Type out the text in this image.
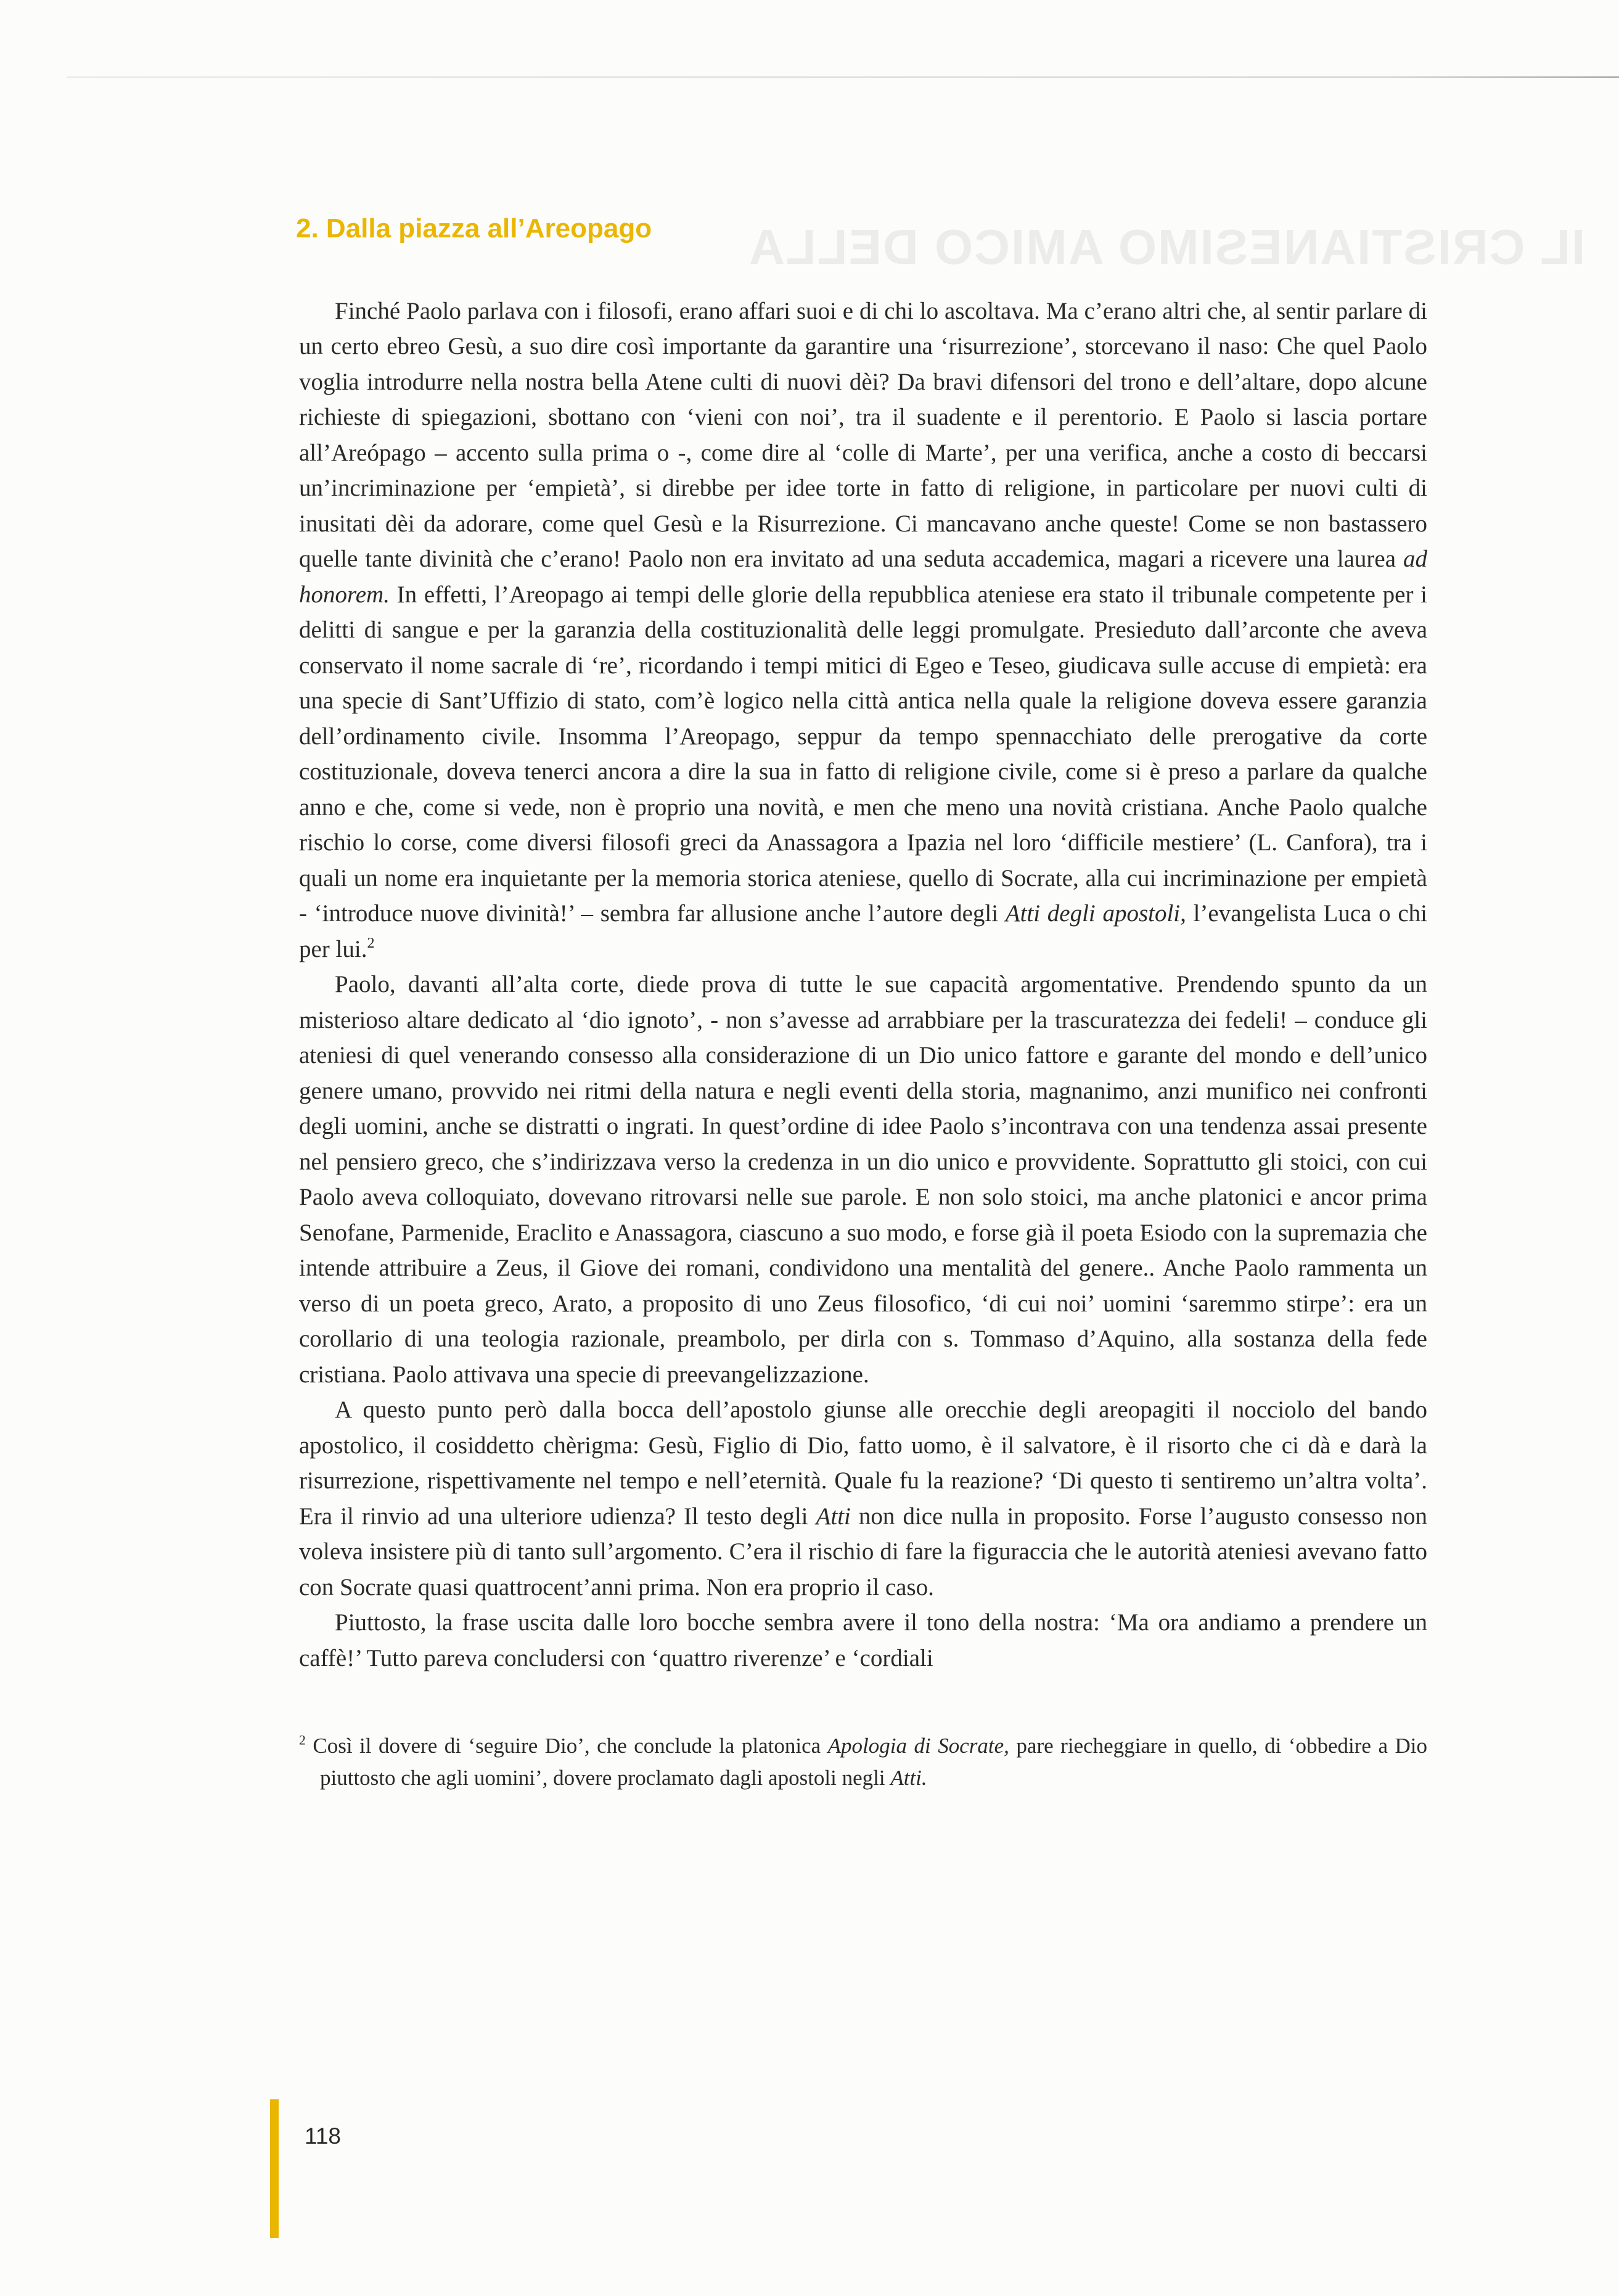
IL CRISTIANESIMO AMICO DELLA
2. Dalla piazza all’Areopago

Finché Paolo parlava con i filosofi, erano affari suoi e di chi lo ascoltava. Ma c’erano altri che, al sentir parlare di un certo ebreo Gesù, a suo dire così importante da garantire una ‘risurrezione’, storcevano il naso: Che quel Paolo voglia introdurre nella nostra bella Atene culti di nuovi dèi? Da bravi difensori del trono e dell’altare, dopo alcune richieste di spiegazioni, sbottano con ‘vieni con noi’, tra il suadente e il perentorio. E Paolo si lascia portare all’Areópago – accento sulla prima o -, come dire al ‘colle di Marte’, per una verifica, anche a costo di beccarsi un’incriminazione per ‘empietà’, si direbbe per idee torte in fatto di religione, in particolare per nuovi culti di inusitati dèi da adorare, come quel Gesù e la Risurrezione. Ci mancavano anche queste! Come se non bastassero quelle tante divinità che c’erano! Paolo non era invitato ad una seduta accademica, magari a ricevere una laurea ad honorem. In effetti, l’Areopago ai tempi delle glorie della repubblica ateniese era stato il tribunale competente per i delitti di sangue e per la garanzia della costituzionalità delle leggi promulgate. Presieduto dall’arconte che aveva conservato il nome sacrale di ‘re’, ricordando i tempi mitici di Egeo e Teseo, giudicava sulle accuse di empietà: era una specie di Sant’Uffizio di stato, com’è logico nella città antica nella quale la religione doveva essere garanzia dell’ordinamento civile. Insomma l’Areopago, seppur da tempo spennacchiato delle prerogative da corte costituzionale, doveva tenerci ancora a dire la sua in fatto di religione civile, come si è preso a parlare da qualche anno e che, come si vede, non è proprio una novità, e men che meno una novità cristiana. Anche Paolo qualche rischio lo corse, come diversi filosofi greci da Anassagora a Ipazia nel loro ‘difficile mestiere’ (L. Canfora), tra i quali un nome era inquietante per la memoria storica ateniese, quello di Socrate, alla cui incriminazione per empietà - ‘introduce nuove divinità!’ – sembra far allusione anche l’autore degli Atti degli apostoli, l’evangelista Luca o chi per lui.$^2$

Paolo, davanti all’alta corte, diede prova di tutte le sue capacità argomentative. Prendendo spunto da un misterioso altare dedicato al ‘dio ignoto’, - non s’avesse ad arrabbiare per la trascuratezza dei fedeli! – conduce gli ateniesi di quel venerando consesso alla considerazione di un Dio unico fattore e garante del mondo e dell’unico genere umano, provvido nei ritmi della natura e negli eventi della storia, magnanimo, anzi munifico nei confronti degli uomini, anche se distratti o ingrati. In quest’ordine di idee Paolo s’incontrava con una tendenza assai presente nel pensiero greco, che s’indirizzava verso la credenza in un dio unico e provvidente. Soprattutto gli stoici, con cui Paolo aveva colloquiato, dovevano ritrovarsi nelle sue parole. E non solo stoici, ma anche platonici e ancor prima Senofane, Parmenide, Eraclito e Anassagora, ciascuno a suo modo, e forse già il poeta Esiodo con la supremazia che intende attribuire a Zeus, il Giove dei romani, condividono una mentalità del genere.. Anche Paolo rammenta un verso di un poeta greco, Arato, a proposito di uno Zeus filosofico, ‘di cui noi’ uomini ‘saremmo stirpe’: era un corollario di una teologia razionale, preambolo, per dirla con s. Tommaso d’Aquino, alla sostanza della fede cristiana. Paolo attivava una specie di preevangelizzazione.

A questo punto però dalla bocca dell’apostolo giunse alle orecchie degli areopagiti il nocciolo del bando apostolico, il cosiddetto chèrigma: Gesù, Figlio di Dio, fatto uomo, è il salvatore, è il risorto che ci dà e darà la risurrezione, rispettivamente nel tempo e nell’eternità. Quale fu la reazione? ‘Di questo ti sentiremo un’altra volta’. Era il rinvio ad una ulteriore udienza? Il testo degli Atti non dice nulla in proposito. Forse l’augusto consesso non voleva insistere più di tanto sull’argomento. C’era il rischio di fare la figuraccia che le autorità ateniesi avevano fatto con Socrate quasi quattrocent’anni prima. Non era proprio il caso.

Piuttosto, la frase uscita dalle loro bocche sembra avere il tono della nostra: ‘Ma ora andiamo a prendere un caffè!’ Tutto pareva concludersi con ‘quattro riverenze’ e ‘cordiali

$^2$ Così il dovere di ‘seguire Dio’, che conclude la platonica Apologia di Socrate, pare riecheggiare in quello, di ‘obbedire a Dio piuttosto che agli uomini’, dovere proclamato dagli apostoli negli Atti.

118
